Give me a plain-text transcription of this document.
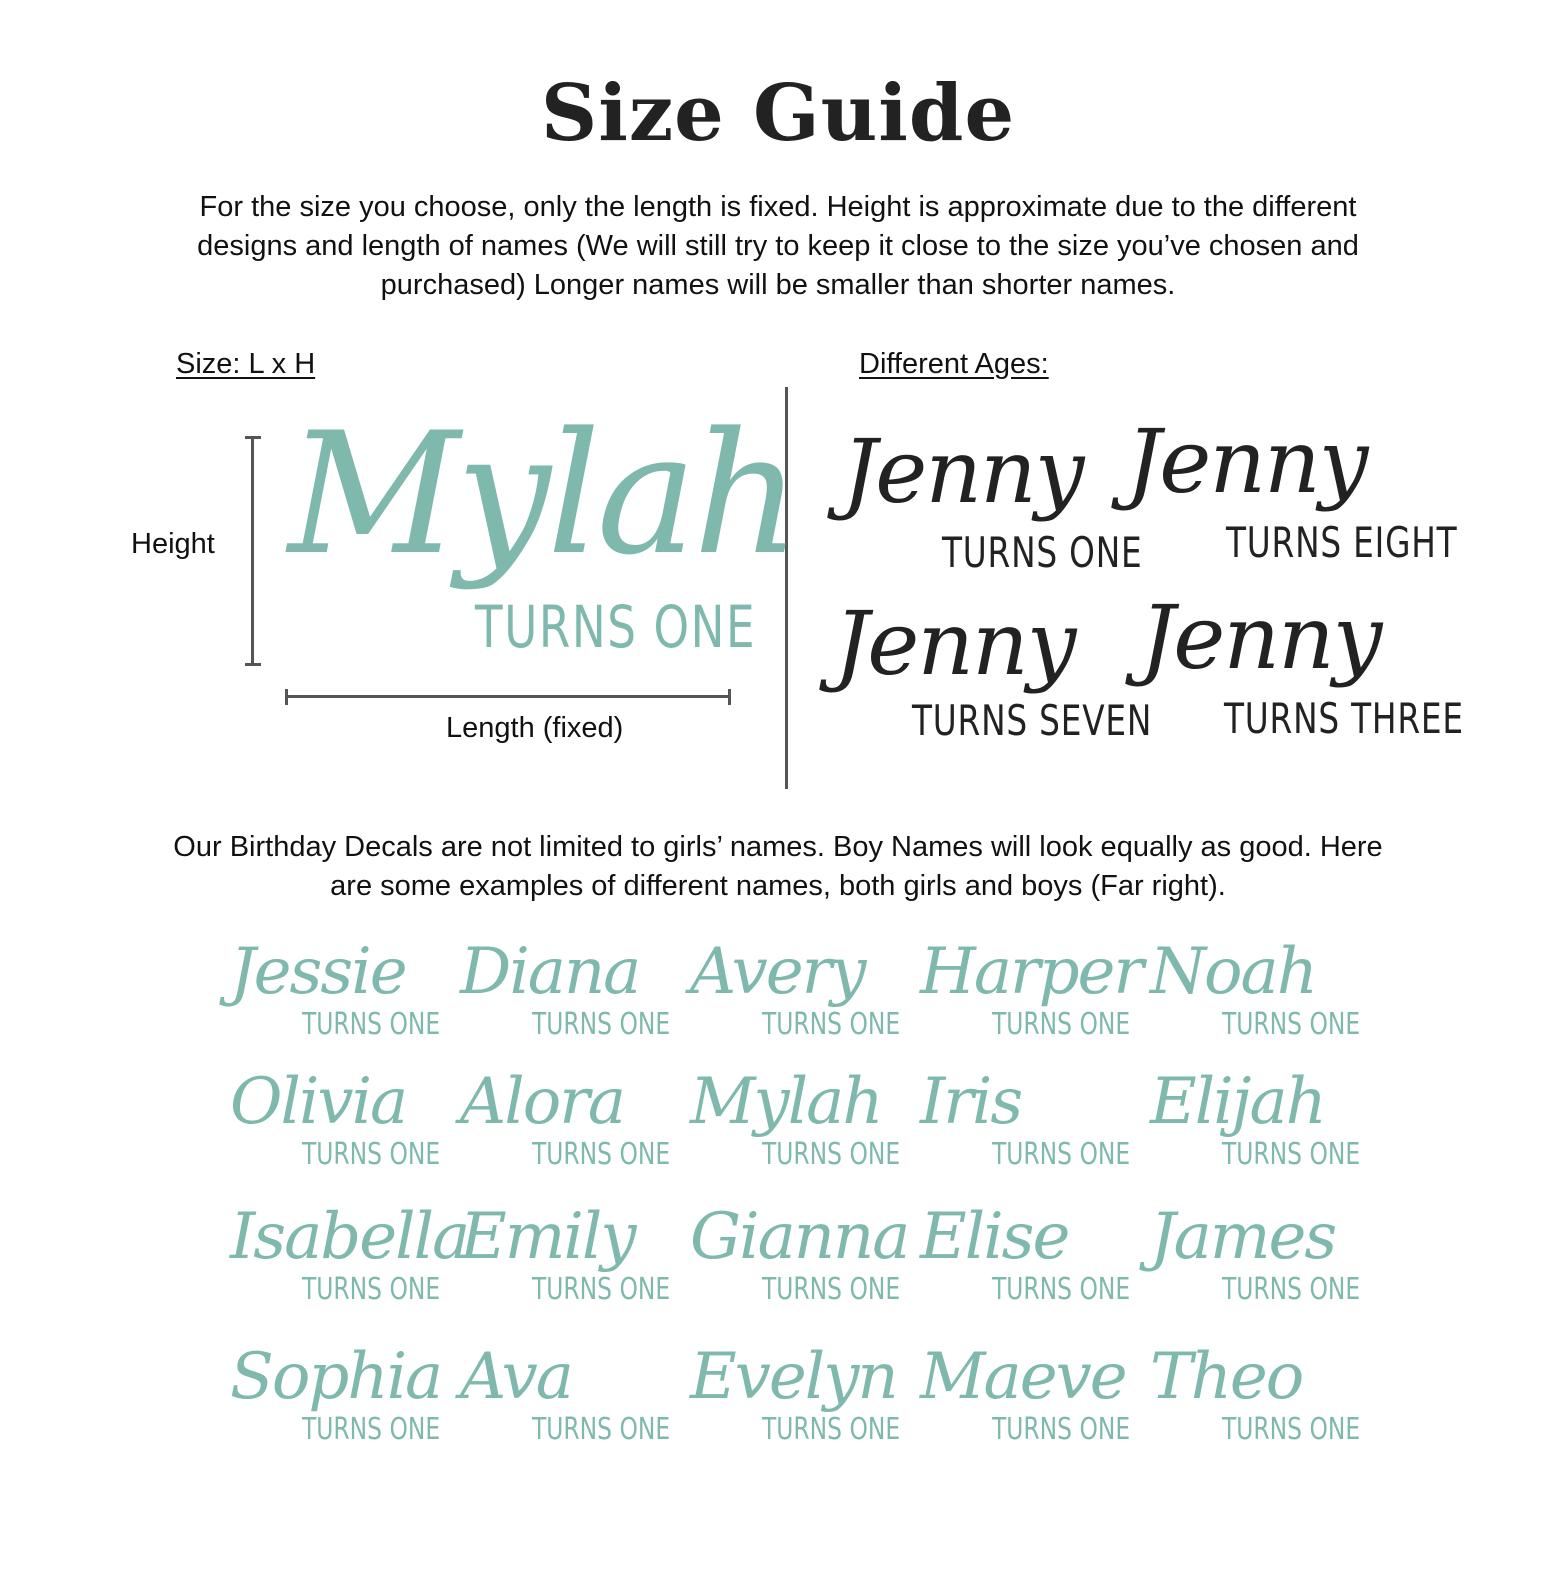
Size Guide

For the size you choose, only the length is fixed. Height is approximate due to the different designs and length of names (We will still try to keep it close to the size you’ve chosen and purchased) Longer names will be smaller than shorter names.

Size: L x H	Different Ages:
Height Mylah
TURNS ONE
Length (fixed)
Jenny
TURNS ONE
Jenny
TURNS EIGHT
Jenny
TURNS SEVEN
Jenny
TURNS THREE

Our Birthday Decals are not limited to girls’ names. Boy Names will look equally as good. Here are some examples of different names, both girls and boys (Far right).

Jessie
TURNS ONE
Diana
TURNS ONE
Avery
TURNS ONE
Harper
TURNS ONE
Noah
TURNS ONE
Olivia
TURNS ONE
Alora
TURNS ONE
Mylah
TURNS ONE
Iris
TURNS ONE
Elijah
TURNS ONE
Isabella
TURNS ONE
Emily
TURNS ONE
Gianna
TURNS ONE
Elise
TURNS ONE
James
TURNS ONE
Sophia
TURNS ONE
Ava
TURNS ONE
Evelyn
TURNS ONE
Maeve
TURNS ONE
Theo
TURNS ONE
